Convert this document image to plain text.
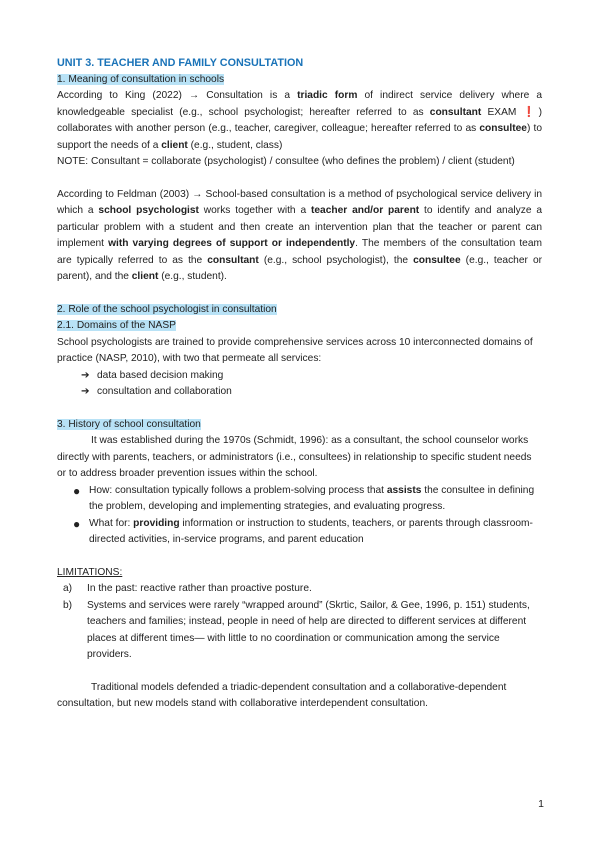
UNIT 3. TEACHER AND FAMILY CONSULTATION

1. Meaning of consultation in schools

According to King (2022) → Consultation is a triadic form of indirect service delivery where a knowledgeable specialist (e.g., school psychologist; hereafter referred to as consultant EXAM ❗) collaborates with another person (e.g., teacher, caregiver, colleague; hereafter referred to as consultee) to support the needs of a client (e.g., student, class)

NOTE: Consultant = collaborate (psychologist) / consultee (who defines the problem) / client (student)

According to Feldman (2003) → School-based consultation is a method of psychological service delivery in which a school psychologist works together with a teacher and/or parent to identify and analyze a particular problem with a student and then create an intervention plan that the teacher or parent can implement with varying degrees of support or independently. The members of the consultation team are typically referred to as the consultant (e.g., school psychologist), the consultee (e.g., teacher or parent), and the client (e.g., student).

2. Role of the school psychologist in consultation

2.1. Domains of the NASP

School psychologists are trained to provide comprehensive services across 10 interconnected domains of practice (NASP, 2010), with two that permeate all services:

➔ data based decision making
➔ consultation and collaboration

3. History of school consultation

It was established during the 1970s (Schmidt, 1996): as a consultant, the school counselor works directly with parents, teachers, or administrators (i.e., consultees) in relationship to specific student needs or to address broader prevention issues within the school.

● How: consultation typically follows a problem-solving process that assists the consultee in defining the problem, developing and implementing strategies, and evaluating progress.
● What for: providing information or instruction to students, teachers, or parents through classroom-directed activities, in-service programs, and parent education

LIMITATIONS:

a)	In the past: reactive rather than proactive posture.
b)	Systems and services were rarely “wrapped around” (Skrtic, Sailor, & Gee, 1996, p. 151) students, teachers and families; instead, people in need of help are directed to different services at different places at different times— with little to no coordination or communication among the service providers.

Traditional models defended a triadic-dependent consultation and a collaborative-dependent consultation, but new models stand with collaborative interdependent consultation.

1
